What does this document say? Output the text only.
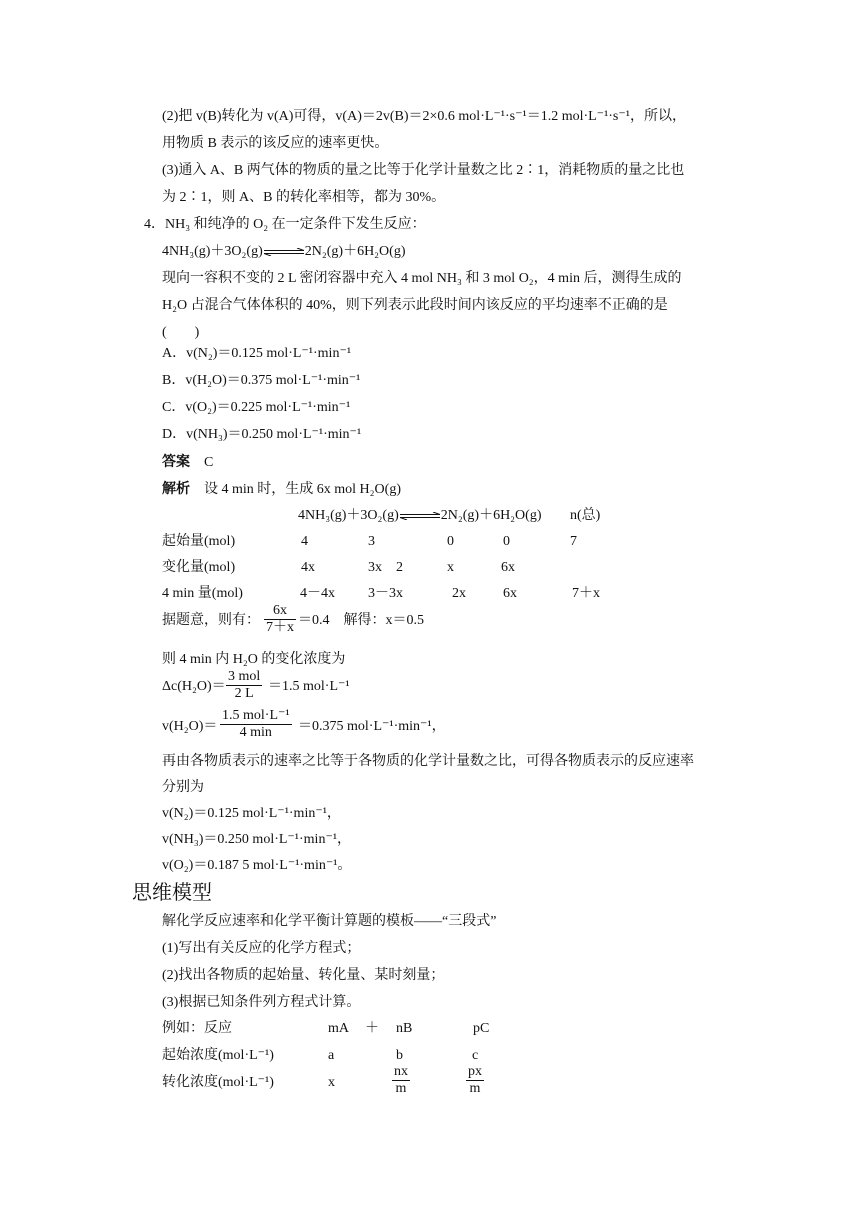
(2)把 v(B)转化为 v(A)可得，v(A)＝2v(B)＝2×0.6 mol·L⁻¹·s⁻¹＝1.2 mol·L⁻¹·s⁻¹，所以，
用物质 B 表示的该反应的速率更快。
(3)通入 A、B 两气体的物质的量之比等于化学计量数之比 2∶1，消耗物质的量之比也
为 2∶1，则 A、B 的转化率相等，都为 30%。
4．NH₃ 和纯净的 O₂ 在一定条件下发生反应：
4NH₃(g)＋3O₂(g)⇌2N₂(g)＋6H₂O(g)
现向一容积不变的 2 L 密闭容器中充入 4 mol NH₃ 和 3 mol O₂，4 min 后，测得生成的
H₂O 占混合气体体积的 40%，则下列表示此段时间内该反应的平均速率不正确的是
(　　)
A．v(N₂)＝0.125 mol·L⁻¹·min⁻¹
B．v(H₂O)＝0.375 mol·L⁻¹·min⁻¹
C．v(O₂)＝0.225 mol·L⁻¹·min⁻¹
D．v(NH₃)＝0.250 mol·L⁻¹·min⁻¹
答案　 C
解析　 设 4 min 时，生成 6x mol H₂O(g)
4NH₃(g)＋3O₂(g)⇌2N₂(g)＋6H₂O(g) n(总)
起始量(mol)	4	3	0	0	7
变化量(mol)	4x	3x　2	x	6x
4 min 量(mol)	4－4x 3－3x	2x	6x	7＋x
据题意，则有： $\frac{6x}{7+x} =0.4$　解得：x＝0.5
则 4 min 内 H₂O 的变化浓度为
Δc(H₂O)＝
3 mol
2 L	＝1.5 mol·L⁻¹
v(H₂O)＝
1.5 mol·L⁻¹
4 min	＝0.375 mol·L⁻¹·min⁻¹，
再由各物质表示的速率之比等于各物质的化学计量数之比，可得各物质表示的反应速率
分别为
v(N₂)＝0.125 mol·L⁻¹·min⁻¹，
v(NH₃)＝0.250 mol·L⁻¹·min⁻¹，
v(O₂)＝0.187 5 mol·L⁻¹·min⁻¹。
思维模型
解化学反应速率和化学平衡计算题的模板——“三段式”
(1)写出有关反应的化学方程式；
(2)找出各物质的起始量、转化量、某时刻量；
(3)根据已知条件列方程式计算。
例如：反应	mA ＋ nB	pC
起始浓度(mol·L⁻¹)	a	b	c
转化浓度(mol·L⁻¹)	x	$\frac{nx}{m}$	$\frac{px}{m}$
